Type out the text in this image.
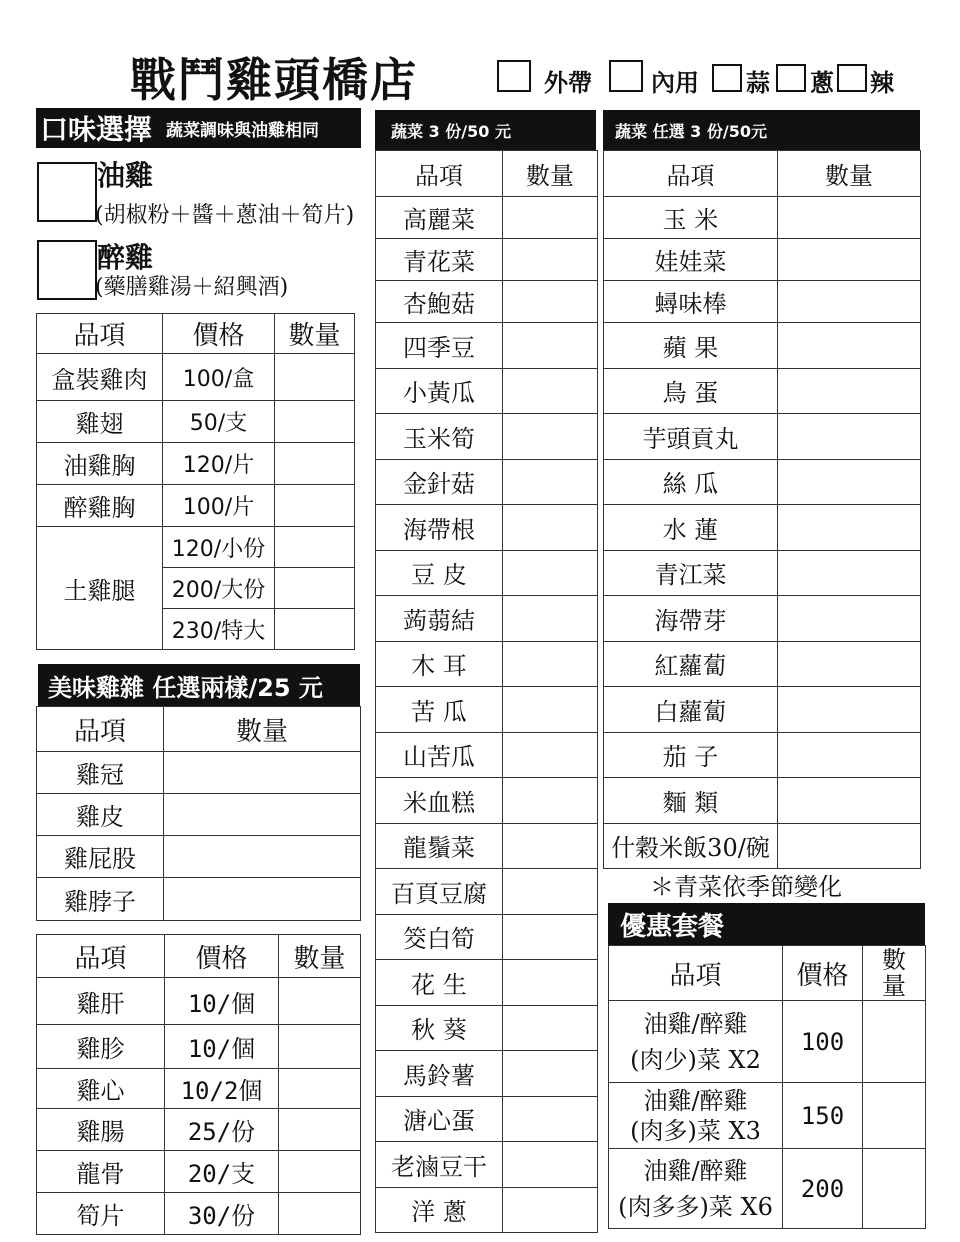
戰鬥雞頭橋店	外帶 內用 蒜 蔥 辣
口味選擇 蔬菜調味與油雞相同
油雞
(胡椒粉＋醬＋蔥油＋筍片)
醉雞
(藥膳雞湯＋紹興酒)
品項	價格	數量
盒裝雞肉	100/盒	
雞翅	50/支	
油雞胸	120/片	
醉雞胸	100/片	
土雞腿	120/小份	
	200/大份	
	230/特大	
美味雞雜 任選兩樣/25 元
品項	數量
雞冠	
雞皮	
雞屁股	
雞脖子	
品項	價格	數量
雞肝	10/個	
雞胗	10/個	
雞心	10/2個	
雞腸	25/份	
龍骨	20/支	
筍片	30/份	
蔬菜 3 份/50 元
品項	數量
高麗菜	
青花菜	
杏鮑菇	
四季豆	
小黃瓜	
玉米筍	
金針菇	
海帶根	
豆 皮	
蒟蒻結	
木 耳	
苦 瓜	
山苦瓜	
米血糕	
龍鬚菜	
百頁豆腐	
筊白筍	
花 生	
秋 葵	
馬鈴薯	
溏心蛋	
老滷豆干	
洋 蔥	
蔬菜 任選 3 份/50元
品項	數量
玉 米	
娃娃菜	
蟳味棒	
蘋 果	
鳥 蛋	
芋頭貢丸	
絲 瓜	
水 蓮	
青江菜	
海帶芽	
紅蘿蔔	
白蘿蔔	
茄 子	
麵 類	
什穀米飯30/碗	
＊青菜依季節變化
優惠套餐
品項	價格	數量

油雞/醉雞
(肉少)菜 X2	100	

油雞/醉雞
(肉多)菜 X3	150	

油雞/醉雞
(肉多多)菜 X6	200	
